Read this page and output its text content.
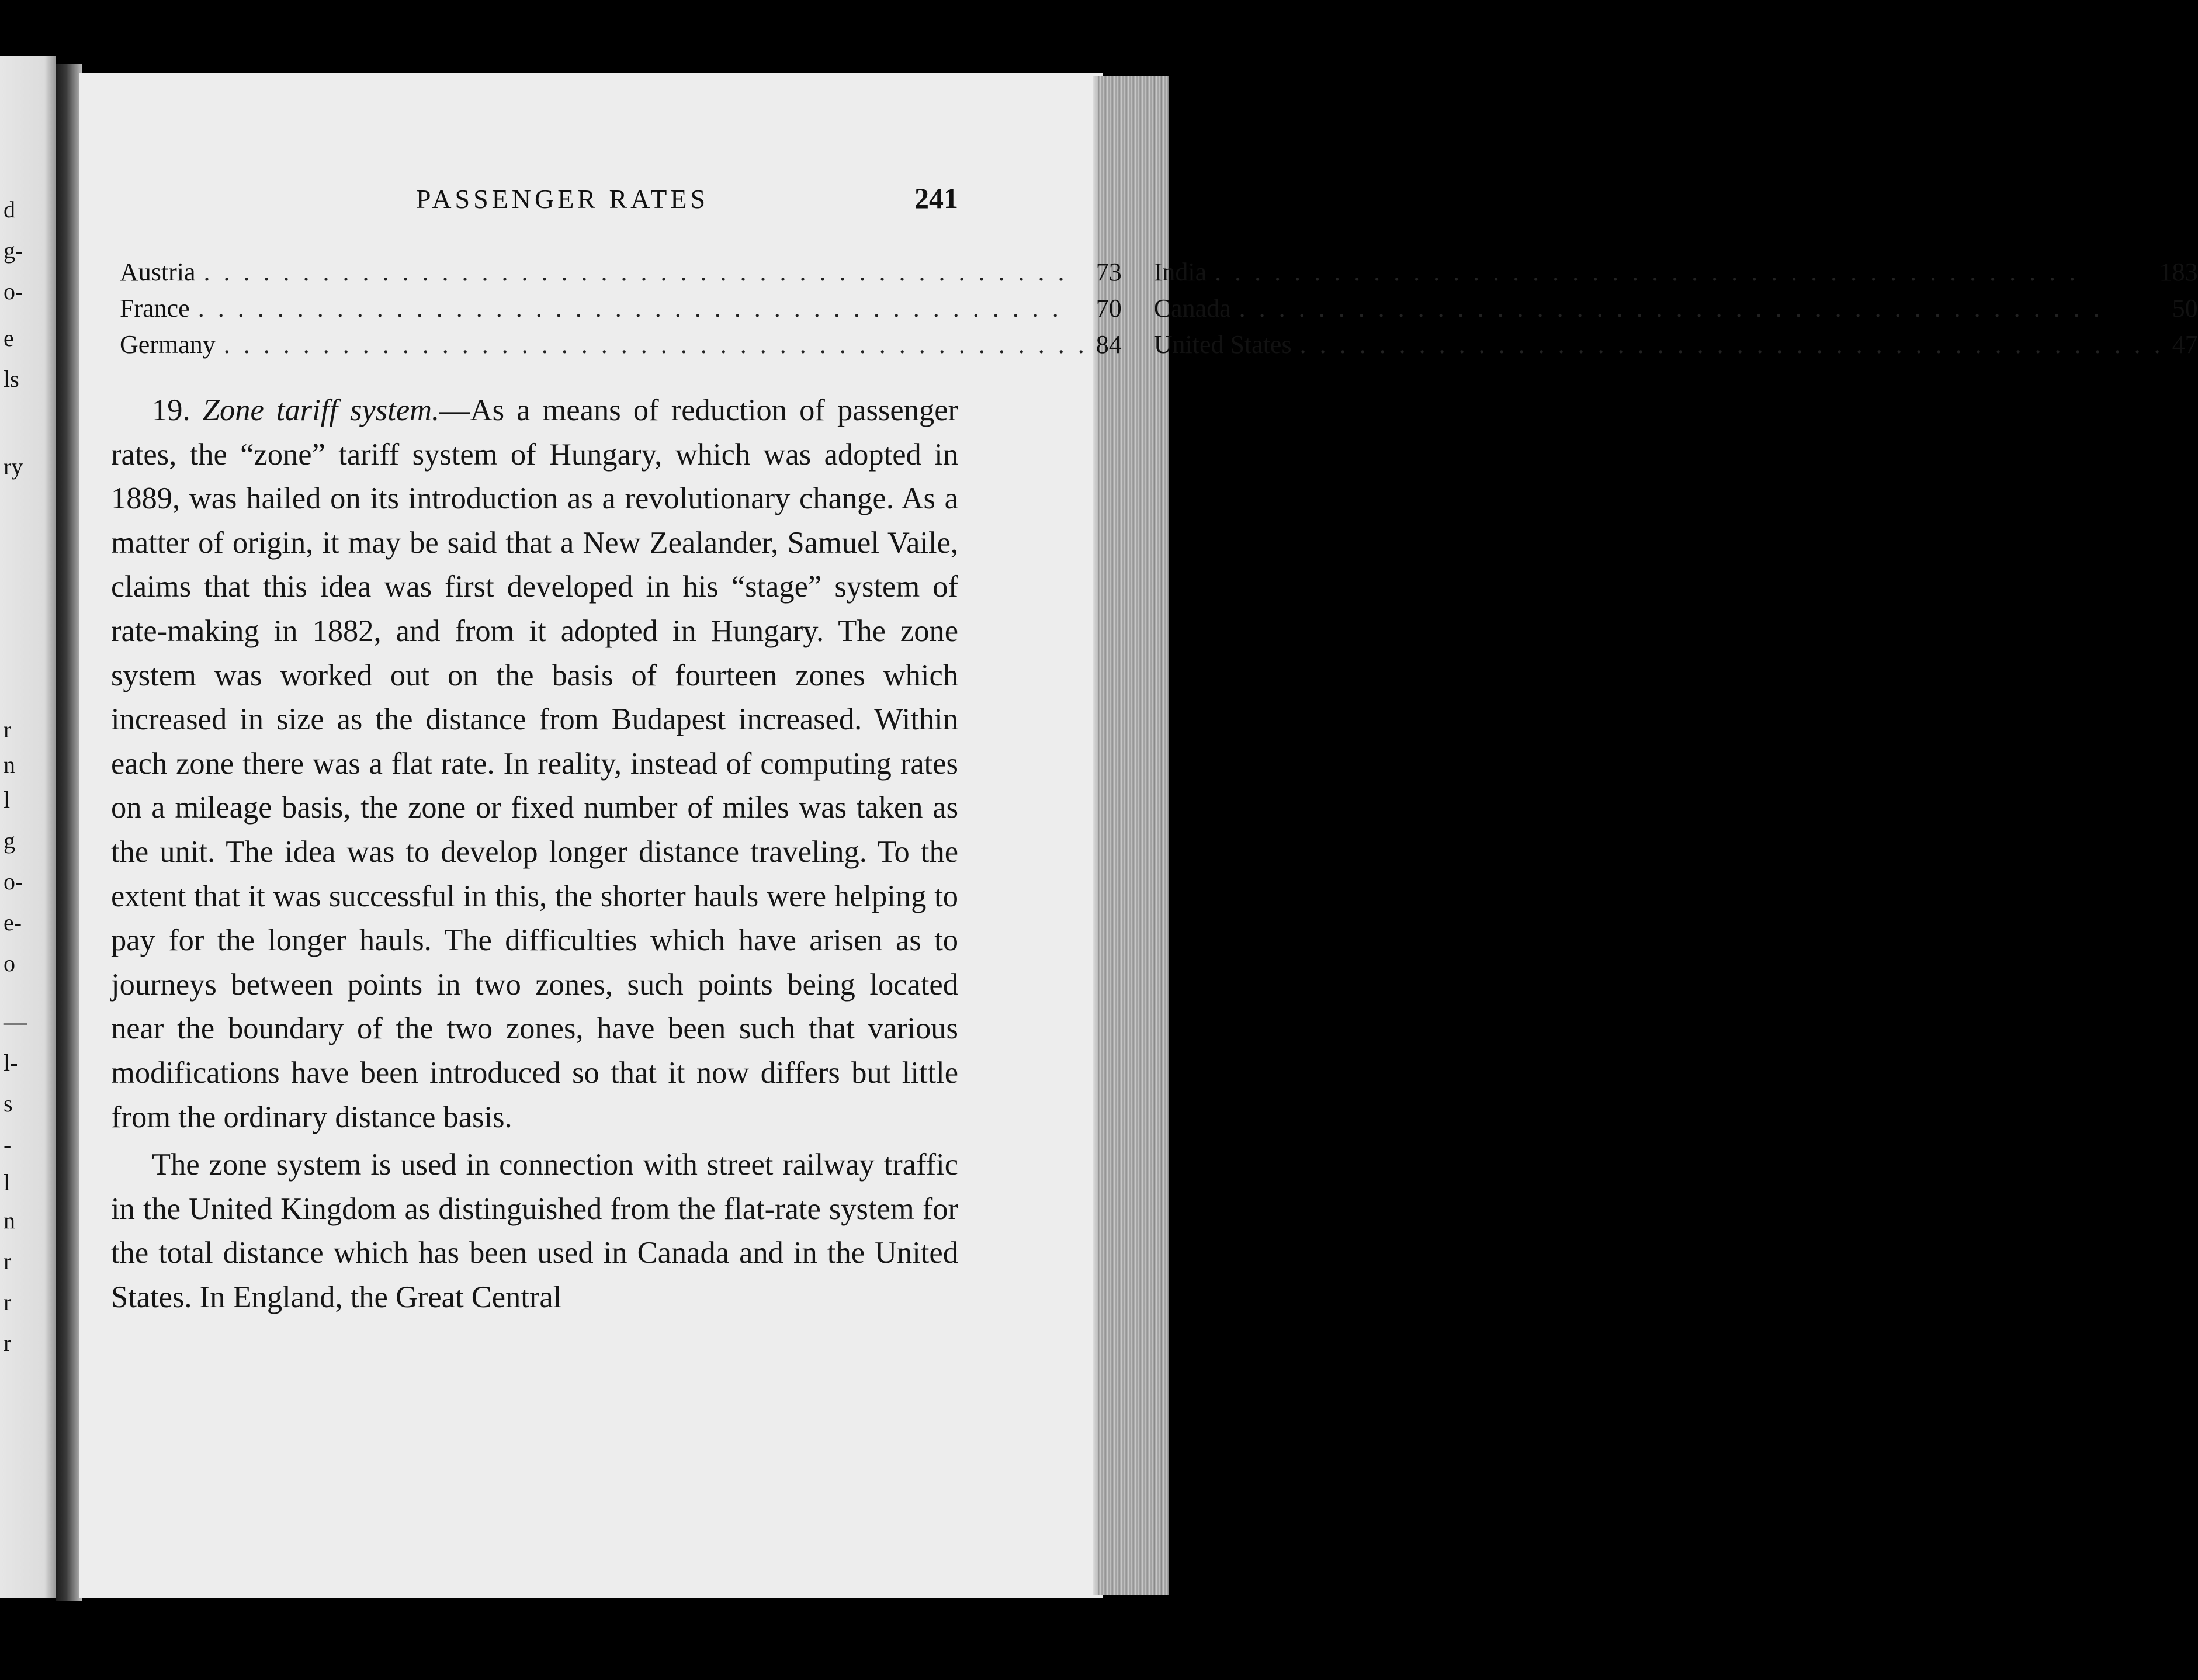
d
g-
o-
e
ls
ry
r
n
l
g
o-
e-
o
—
l-
s
-
l
n
r
r
r
PASSENGER RATES	241
Austria . . .	73 India . . .	183
France . . .	70 Canada . . .	50
Germany . . .	84 United States . . .	47

19. Zone tariff system.—As a means of reduction of passenger rates, the “zone” tariff system of Hungary, which was adopted in 1889, was hailed on its introduction as a revolutionary change. As a matter of origin, it may be said that a New Zealander, Samuel Vaile, claims that this idea was first developed in his “stage” system of rate-making in 1882, and from it adopted in Hungary. The zone system was worked out on the basis of fourteen zones which increased in size as the distance from Budapest increased. Within each zone there was a flat rate. In reality, instead of computing rates on a mileage basis, the zone or fixed number of miles was taken as the unit. The idea was to develop longer distance traveling. To the extent that it was successful in this, the shorter hauls were helping to pay for the longer hauls. The difficulties which have arisen as to journeys between points in two zones, such points being located near the boundary of the two zones, have been such that various modifications have been introduced so that it now differs but little from the ordinary distance basis.

The zone system is used in connection with street railway traffic in the United Kingdom as distinguished from the flat-rate system for the total distance which has been used in Canada and in the United States. In England, the Great Central
